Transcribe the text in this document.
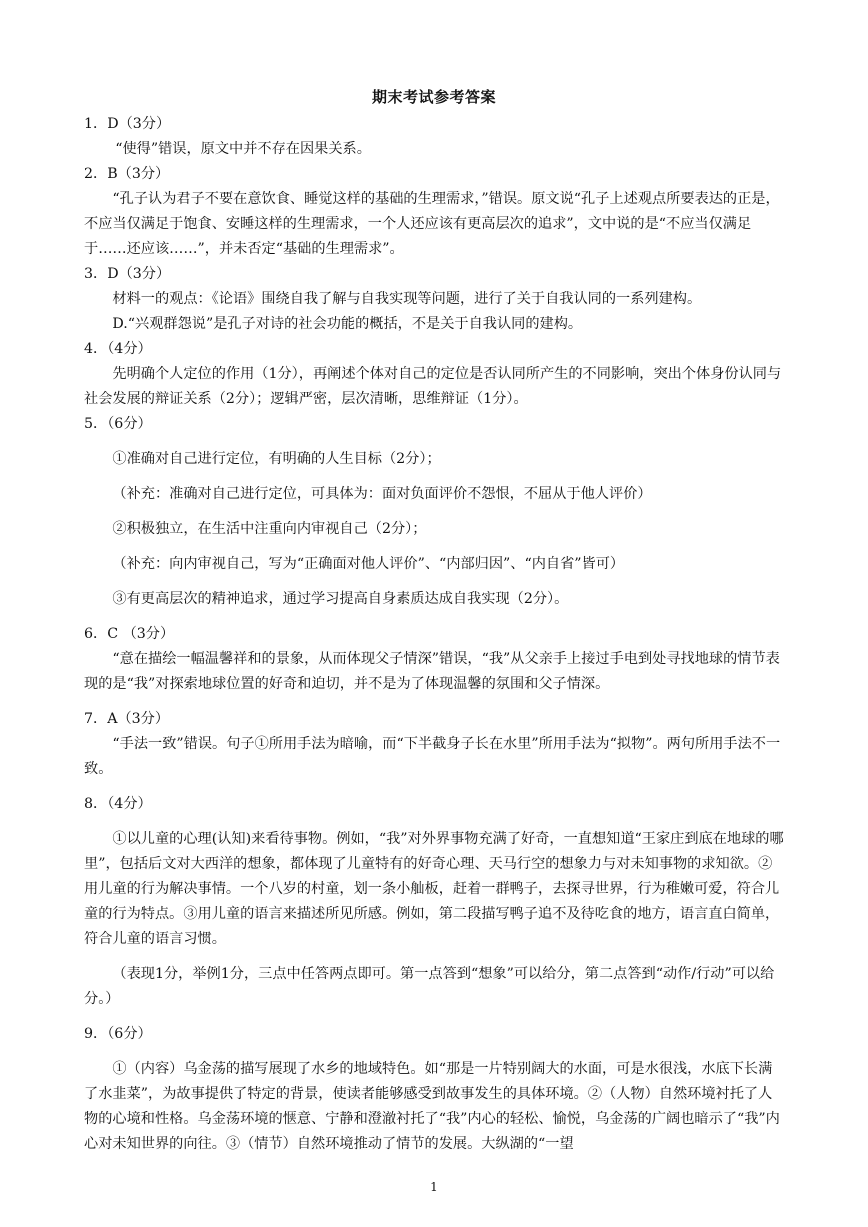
期末考试参考答案

1．D（3分）

“使得”错误，原文中并不存在因果关系。

2．B（3分）

“孔子认为君子不要在意饮食、睡觉这样的基础的生理需求，”错误。原文说“孔子上述观点所要表达的正是，不应当仅满足于饱食、安睡这样的生理需求，一个人还应该有更高层次的追求”，文中说的是“不应当仅满足于……还应该……”，并未否定“基础的生理需求”。

3．D（3分）

材料一的观点：《论语》围绕自我了解与自我实现等问题，进行了关于自我认同的一系列建构。

D.“兴观群怨说”是孔子对诗的社会功能的概括，不是关于自我认同的建构。

4．（4分）

先明确个人定位的作用（1分），再阐述个体对自己的定位是否认同所产生的不同影响，突出个体身份认同与社会发展的辩证关系（2分）；逻辑严密，层次清晰，思维辩证（1分）。

5．（6分）

①准确对自己进行定位，有明确的人生目标（2分）；

（补充：准确对自己进行定位，可具体为：面对负面评价不怨恨，不屈从于他人评价）

②积极独立，在生活中注重向内审视自己（2分）；

（补充：向内审视自己，写为“正确面对他人评价”、“内部归因”、“内自省”皆可）

③有更高层次的精神追求，通过学习提高自身素质达成自我实现（2分）。

6．C （3分）

“意在描绘一幅温馨祥和的景象，从而体现父子情深”错误，“我”从父亲手上接过手电到处寻找地球的情节表现的是“我”对探索地球位置的好奇和迫切，并不是为了体现温馨的氛围和父子情深。

7．A（3分）

“手法一致”错误。句子①所用手法为暗喻，而“下半截身子长在水里”所用手法为“拟物”。两句所用手法不一致。

8．（4分）

①以儿童的心理(认知)来看待事物。例如，“我”对外界事物充满了好奇，一直想知道“王家庄到底在地球的哪里”，包括后文对大西洋的想象，都体现了儿童特有的好奇心理、天马行空的想象力与对未知事物的求知欲。②用儿童的行为解决事情。一个八岁的村童，划一条小舢板，赶着一群鸭子，去探寻世界，行为稚嫩可爱，符合儿童的行为特点。③用儿童的语言来描述所见所感。例如，第二段描写鸭子追不及待吃食的地方，语言直白简单，符合儿童的语言习惯。

（表现1分，举例1分，三点中任答两点即可。第一点答到“想象”可以给分，第二点答到“动作/行动”可以给分。）

9．（6分）

①（内容）乌金荡的描写展现了水乡的地域特色。如“那是一片特别阔大的水面，可是水很浅，水底下长满了水韭菜”，为故事提供了特定的背景，使读者能够感受到故事发生的具体环境。②（人物）自然环境衬托了人物的心境和性格。乌金荡环境的惬意、宁静和澄澈衬托了“我”内心的轻松、愉悦，乌金荡的广阔也暗示了“我”内心对未知世界的向往。③（情节）自然环境推动了情节的发展。大纵湖的“一望

1
